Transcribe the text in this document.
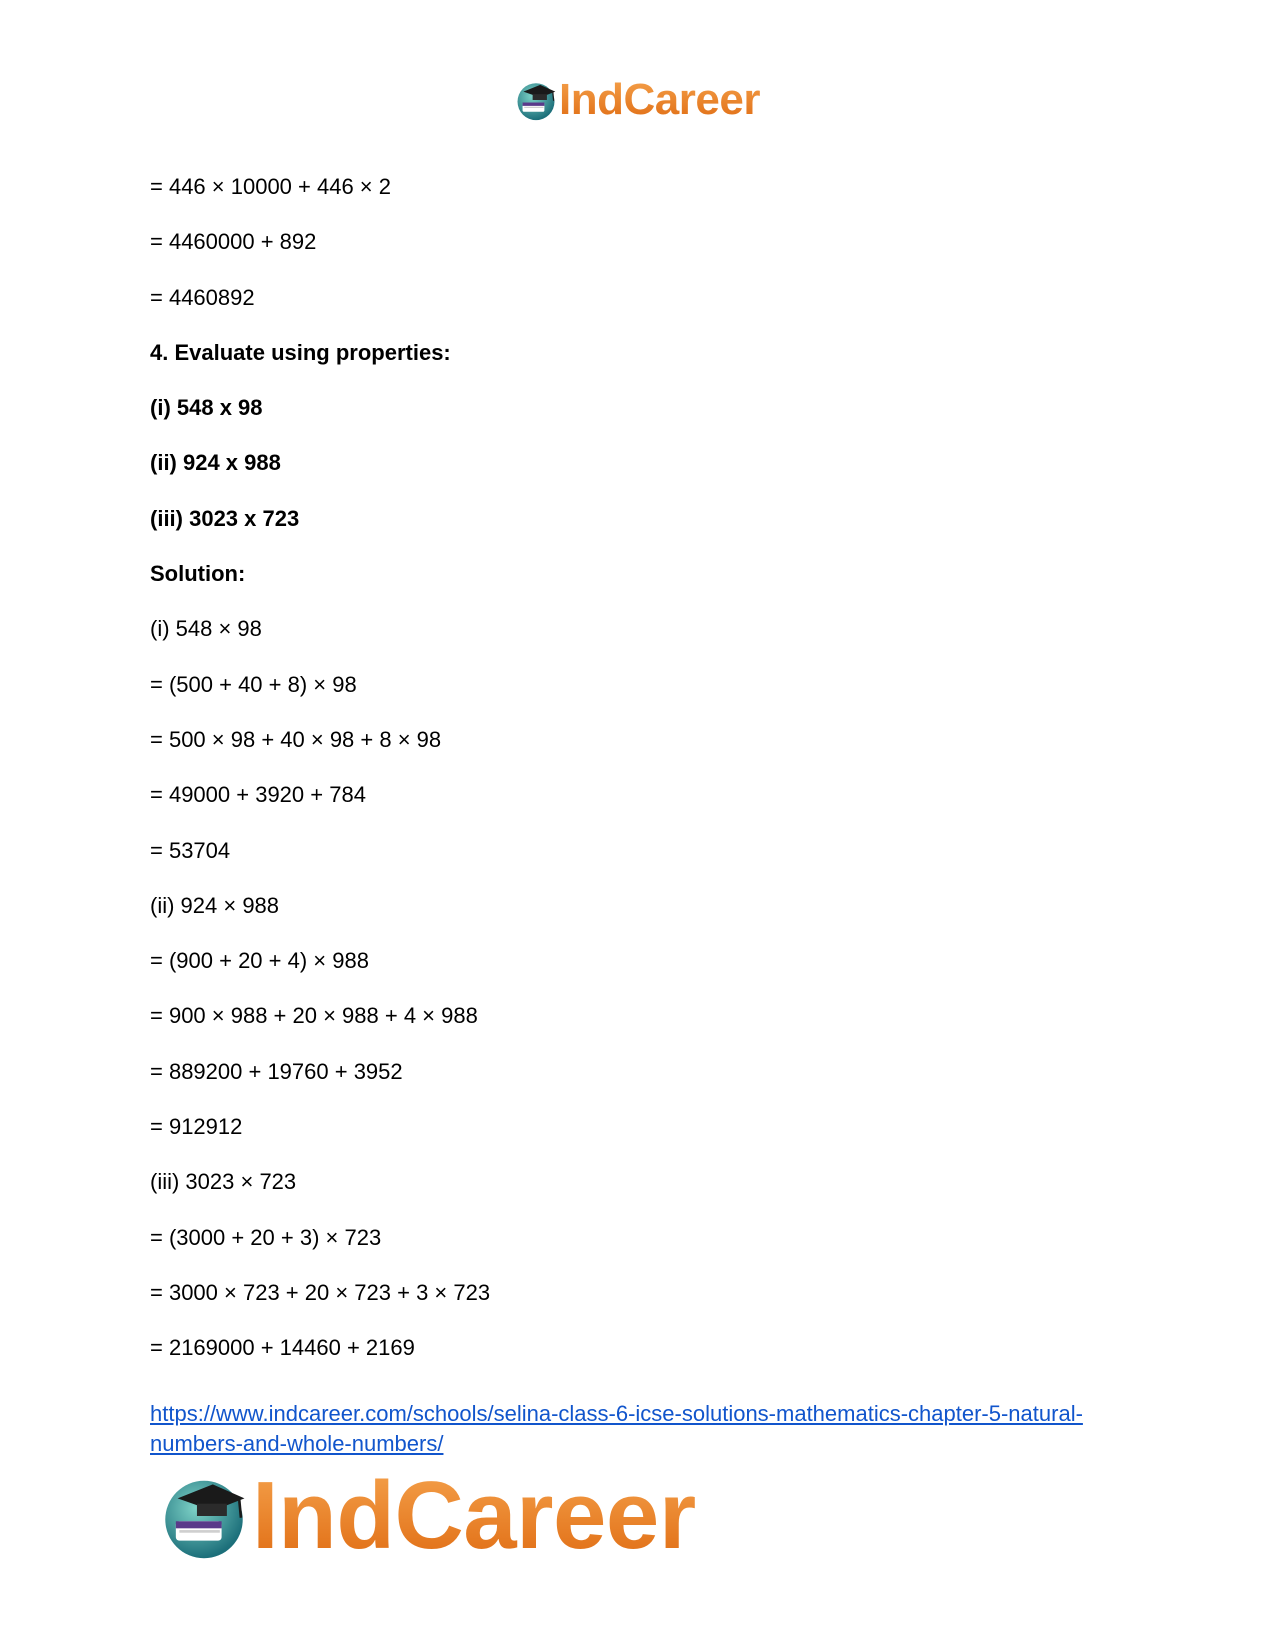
IndCareer
= 446 × 10000 + 446 × 2
= 4460000 + 892
= 4460892
4. Evaluate using properties:
(i) 548 x 98
(ii) 924 x 988
(iii) 3023 x 723
Solution:
(i) 548 × 98
= (500 + 40 + 8) × 98
= 500 × 98 + 40 × 98 + 8 × 98
= 49000 + 3920 + 784
= 53704
(ii) 924 × 988
= (900 + 20 + 4) × 988
= 900 × 988 + 20 × 988 + 4 × 988
= 889200 + 19760 + 3952
= 912912
(iii) 3023 × 723
= (3000 + 20 + 3) × 723
= 3000 × 723 + 20 × 723 + 3 × 723
= 2169000 + 14460 + 2169
https://www.indcareer.com/schools/selina-class-6-icse-solutions-mathematics-chapter-5-natural-
numbers-and-whole-numbers/
IndCareer
